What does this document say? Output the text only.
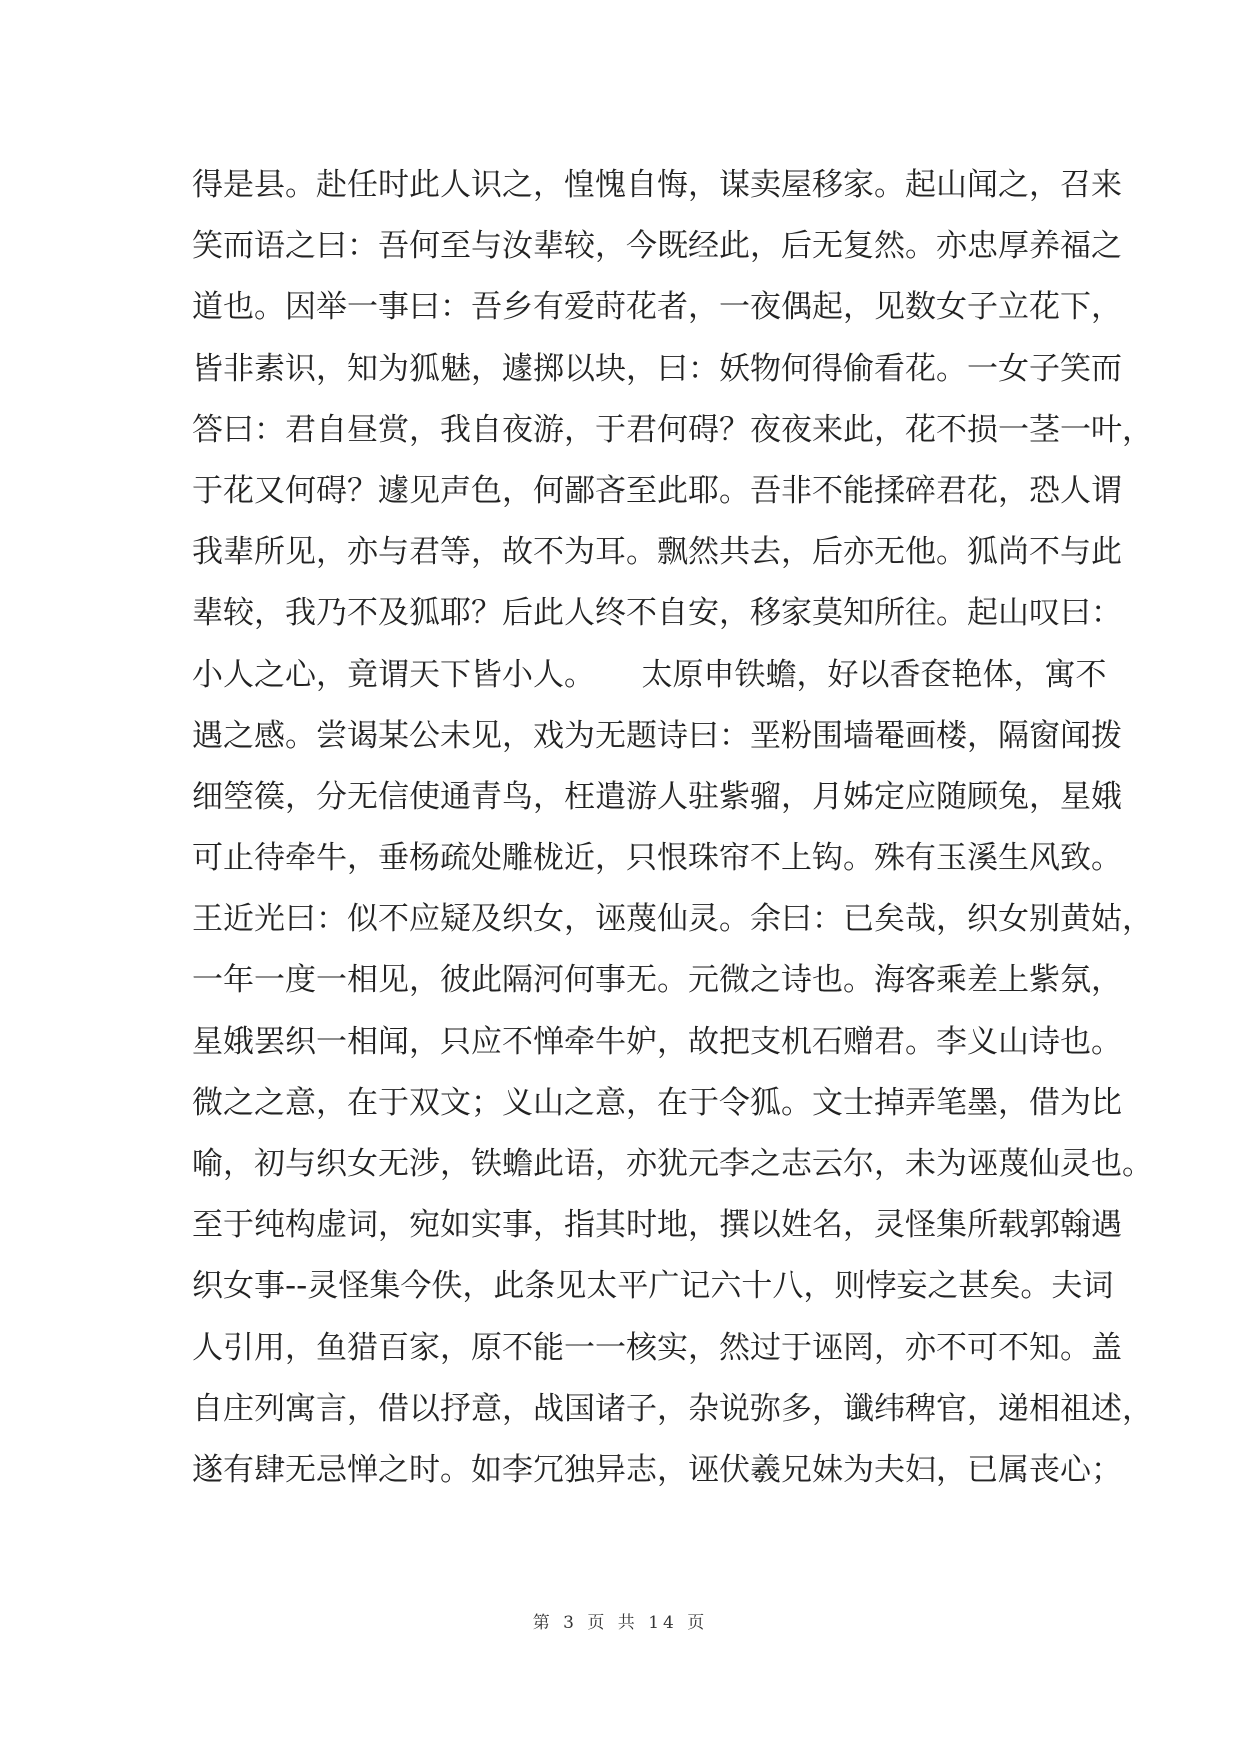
得是县。赴任时此人识之，惶愧自悔，谋卖屋移家。起山闻之，召来
笑而语之曰：吾何至与汝辈较，今既经此，后无复然。亦忠厚养福之
道也。因举一事曰：吾乡有爱莳花者，一夜偶起，见数女子立花下，
皆非素识，知为狐魅，遽掷以块，曰：妖物何得偷看花。一女子笑而
答曰：君自昼赏，我自夜游，于君何碍？夜夜来此，花不损一茎一叶，
于花又何碍？遽见声色，何鄙吝至此耶。吾非不能揉碎君花，恐人谓
我辈所见，亦与君等，故不为耳。飘然共去，后亦无他。狐尚不与此
辈较，我乃不及狐耶？后此人终不自安，移家莫知所往。起山叹曰：
小人之心，竟谓天下皆小人。　　太原申铁蟾，好以香奁艳体，寓不
遇之感。尝谒某公未见，戏为无题诗曰：垩粉围墙罨画楼，隔窗闻拨
细箜篌，分无信使通青鸟，枉遣游人驻紫骝，月姊定应随顾兔，星娥
可止待牵牛，垂杨疏处雕栊近，只恨珠帘不上钩。殊有玉溪生风致。
王近光曰：似不应疑及织女，诬蔑仙灵。余曰：已矣哉，织女别黄姑，
一年一度一相见，彼此隔河何事无。元微之诗也。海客乘差上紫氛，
星娥罢织一相闻，只应不惮牵牛妒，故把支机石赠君。李义山诗也。
微之之意，在于双文；义山之意，在于令狐。文士掉弄笔墨，借为比
喻，初与织女无涉，铁蟾此语，亦犹元李之志云尔，未为诬蔑仙灵也。
至于纯构虚词，宛如实事，指其时地，撰以姓名，灵怪集所载郭翰遇
织女事--灵怪集今佚，此条见太平广记六十八，则悖妄之甚矣。夫词
人引用，鱼猎百家，原不能一一核实，然过于诬罔，亦不可不知。盖
自庄列寓言，借以抒意，战国诸子，杂说弥多，谶纬稗官，递相祖述，
遂有肆无忌惮之时。如李冗独异志，诬伏羲兄妹为夫妇，已属丧心；
第 3 页 共 14 页
